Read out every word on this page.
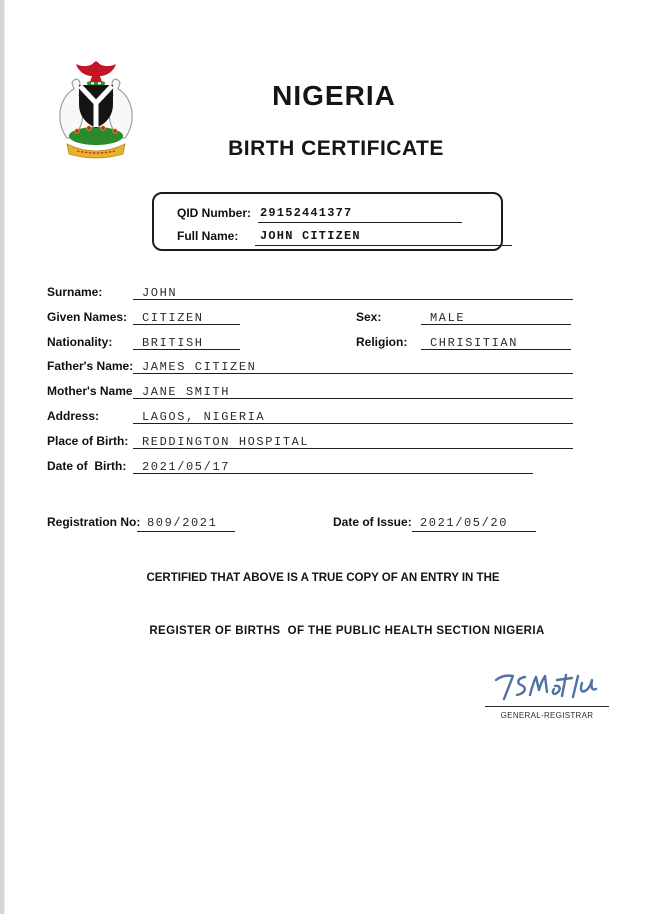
NIGERIA
BIRTH CERTIFICATE
QID Number: 29152441377
Full Name: JOHN CITIZEN
Surname:	JOHN
Given Names: CITIZEN	Sex:	MALE
Nationality: BRITISH	Religion: CHRISITIAN
Father's Name: JAMES CITIZEN
Mother's Name JANE SMITH
Address:	LAGOS, NIGERIA
Place of Birth: REDDINGTON HOSPITAL
Date of  Birth: 2021/05/17
Registration No: 809/2021	Date of Issue: 2021/05/20
CERTIFIED THAT ABOVE IS A TRUE COPY OF AN ENTRY IN THE
REGISTER OF BIRTHS  OF THE PUBLIC HEALTH SECTION NIGERIA
GENERAL-REGISTRAR
